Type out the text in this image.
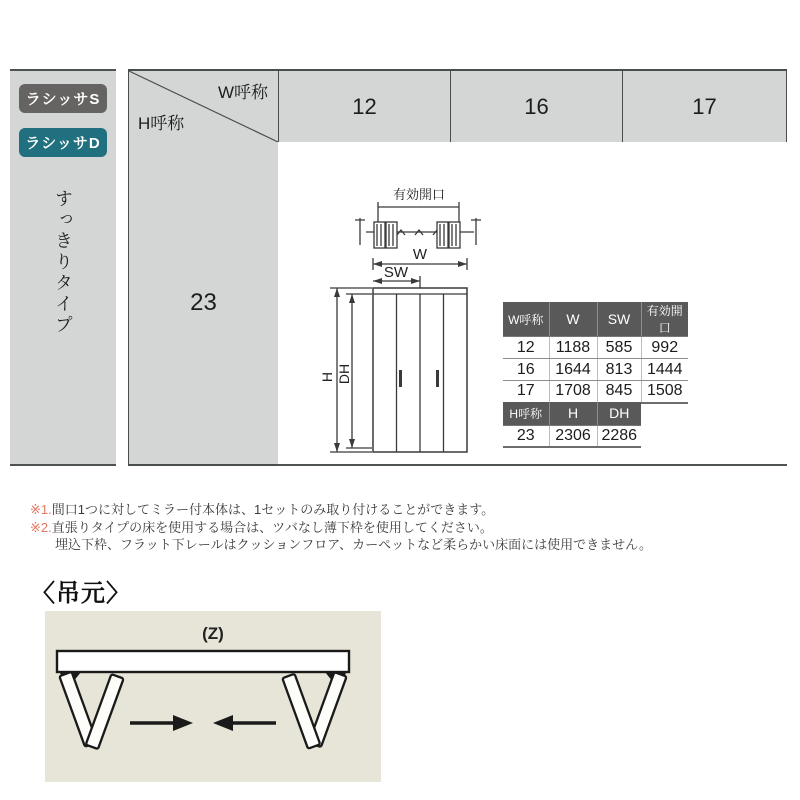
ラシッサS
ラシッサD
すっきりタイプ
W呼称
H呼称
12	16	17
23
有効開口
W
SW
H DH
W呼称	W	SW	有効開口
12	1188	585	992
16	1644	813	1444
17	1708	845	1508
H呼称	H	DH
23	2306	2286

※1.間口1つに対してミラー付本体は、1セットのみ取り付けることができます。

※2.直張りタイプの床を使用する場合は、ツバなし薄下枠を使用してください。

埋込下枠、フラット下レールはクッションフロア、カーペットなど柔らかい床面には使用できません。

〈吊元〉
(Z)
